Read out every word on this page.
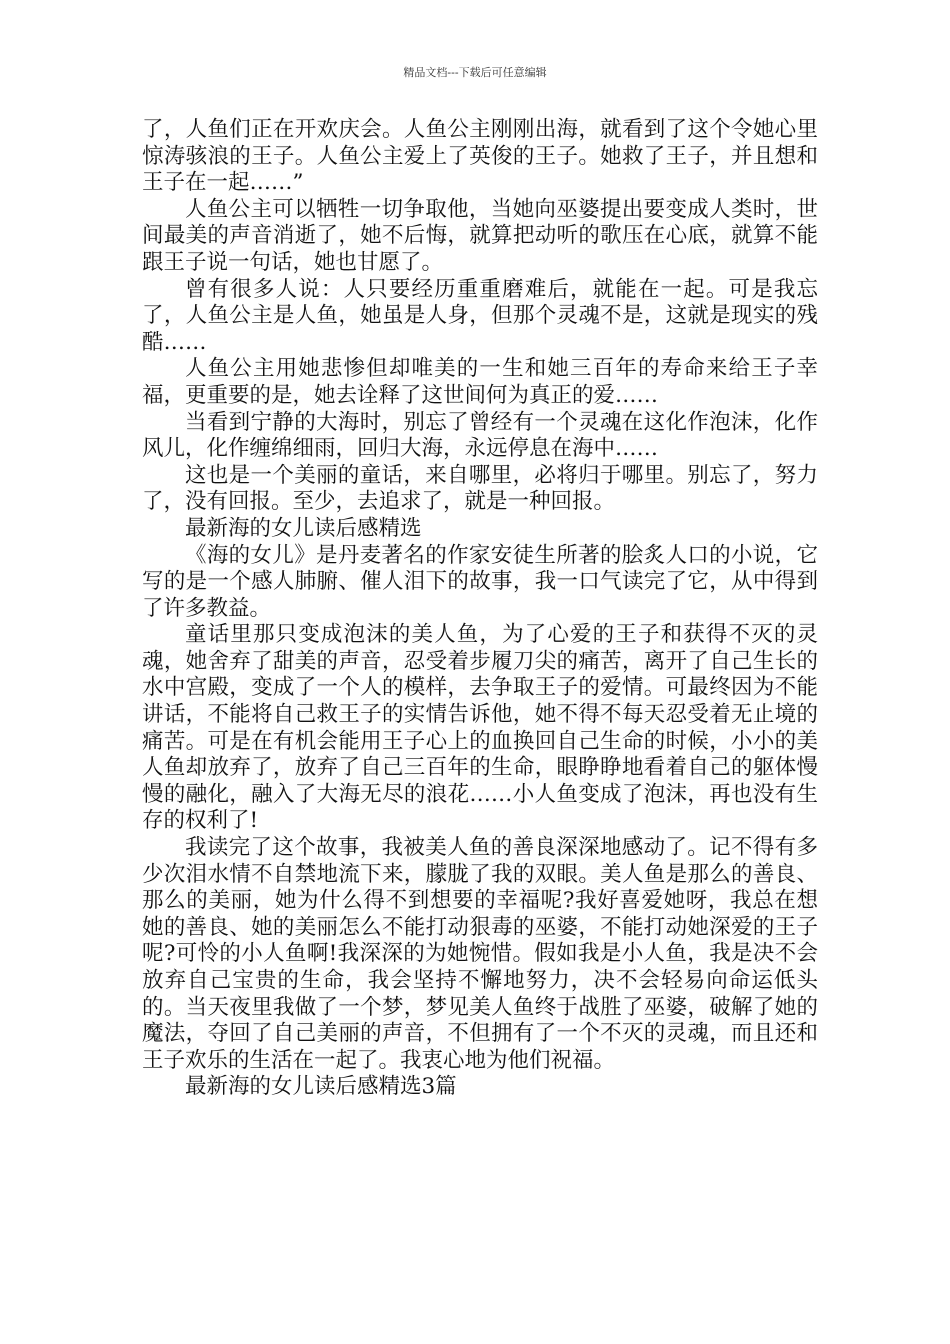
精品文档---下载后可任意编辑

了，人鱼们正在开欢庆会。人鱼公主刚刚出海，就看到了这个令她心里惊涛骇浪的王子。人鱼公主爱上了英俊的王子。她救了王子，并且想和王子在一起……”

人鱼公主可以牺牲一切争取他，当她向巫婆提出要变成人类时，世间最美的声音消逝了，她不后悔，就算把动听的歌压在心底，就算不能跟王子说一句话，她也甘愿了。

曾有很多人说：人只要经历重重磨难后，就能在一起。可是我忘了，人鱼公主是人鱼，她虽是人身，但那个灵魂不是，这就是现实的残酷……

人鱼公主用她悲惨但却唯美的一生和她三百年的寿命来给王子幸福，更重要的是，她去诠释了这世间何为真正的爱……

当看到宁静的大海时，别忘了曾经有一个灵魂在这化作泡沫，化作风儿，化作缠绵细雨，回归大海，永远停息在海中……

这也是一个美丽的童话，来自哪里，必将归于哪里。别忘了，努力了，没有回报。至少，去追求了，就是一种回报。

最新海的女儿读后感精选

《海的女儿》是丹麦著名的作家安徒生所著的脍炙人口的小说，它写的是一个感人肺腑、催人泪下的故事，我一口气读完了它，从中得到了许多教益。

童话里那只变成泡沫的美人鱼，为了心爱的王子和获得不灭的灵魂，她舍弃了甜美的声音，忍受着步履刀尖的痛苦，离开了自己生长的水中宫殿，变成了一个人的模样，去争取王子的爱情。可最终因为不能讲话，不能将自己救王子的实情告诉他，她不得不每天忍受着无止境的痛苦。可是在有机会能用王子心上的血换回自己生命的时候，小小的美人鱼却放弃了，放弃了自己三百年的生命，眼睁睁地看着自己的躯体慢慢的融化，融入了大海无尽的浪花……小人鱼变成了泡沫，再也没有生存的权利了!

我读完了这个故事，我被美人鱼的善良深深地感动了。记不得有多少次泪水情不自禁地流下来，朦胧了我的双眼。美人鱼是那么的善良、那么的美丽，她为什么得不到想要的幸福呢?我好喜爱她呀，我总在想她的善良、她的美丽怎么不能打动狠毒的巫婆，不能打动她深爱的王子呢?可怜的小人鱼啊!我深深的为她惋惜。假如我是小人鱼，我是决不会放弃自己宝贵的生命，我会坚持不懈地努力，决不会轻易向命运低头的。当天夜里我做了一个梦，梦见美人鱼终于战胜了巫婆，破解了她的魔法，夺回了自己美丽的声音，不但拥有了一个不灭的灵魂，而且还和王子欢乐的生活在一起了。我衷心地为他们祝福。

最新海的女儿读后感精选3篇
